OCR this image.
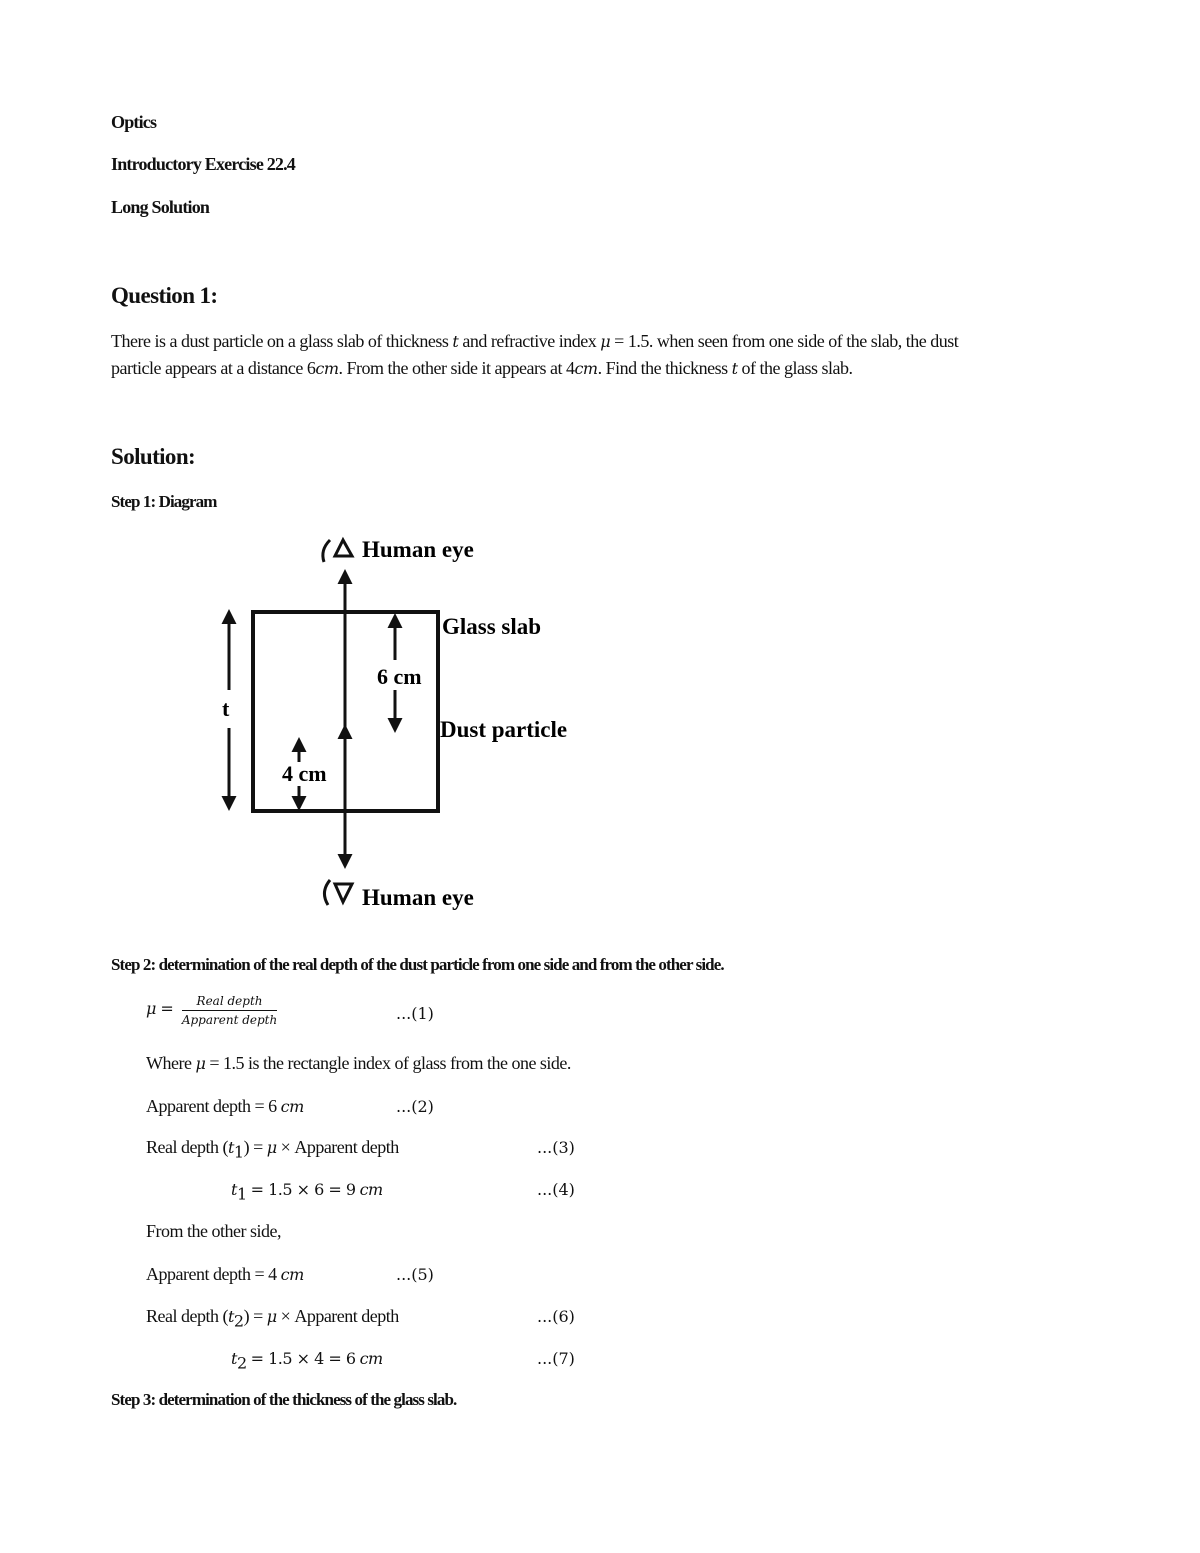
Optics
Introductory Exercise 22.4
Long Solution
Question 1:
There is a dust particle on a glass slab of thickness t and refractive index μ = 1.5. when seen from one side of the slab, the dust
particle appears at a distance 6cm. From the other side it appears at 4cm. Find the thickness t of the glass slab.
Solution:
Step 1: Diagram
t
6 cm
4 cm
Glass slab
Dust particle
Human eye
Human eye
Step 2: determination of the real depth of the dust particle from one side and from the other side.
$\mu = \frac{\text{Real depth}}{\text{Apparent depth}}$	...(1)
Where μ = 1.5 is the rectangle index of glass from the one side.
Apparent depth = 6 cm	...(2)
Real depth $(t_1) = \mu$ × Apparent depth	...(3)
$t_1 = 1.5 \times 6 = 9$ cm	...(4)
From the other side,
Apparent depth = 4 cm	...(5)
Real depth $(t_2) = \mu$ × Apparent depth	...(6)
$t_2 = 1.5 \times 4 = 6$ cm	...(7)
Step 3: determination of the thickness of the glass slab.
